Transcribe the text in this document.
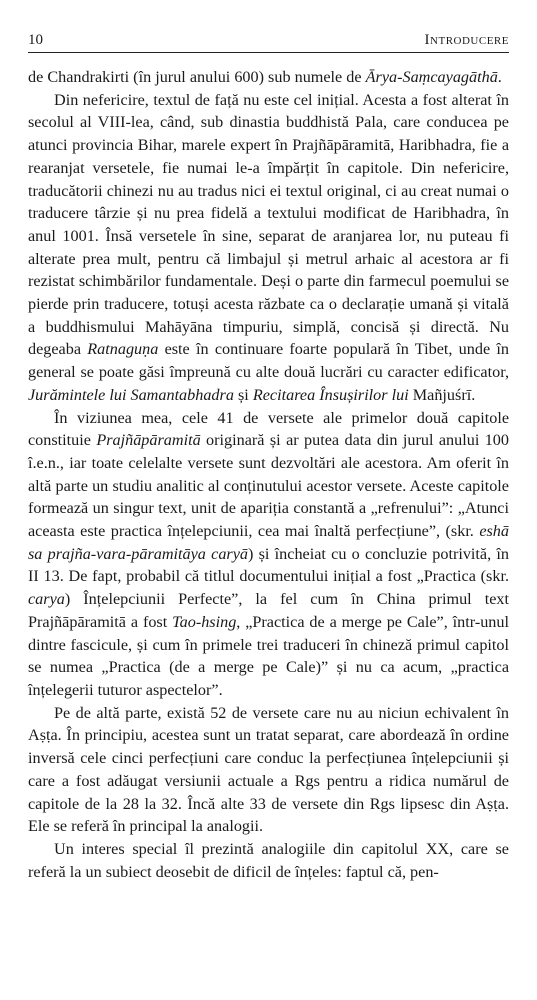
10	Introducere

de Chandrakirti (în jurul anului 600) sub numele de Ārya-Saṃcayagāthā.

Din nefericire, textul de față nu este cel inițial. Acesta a fost alterat în secolul al VIII-lea, când, sub dinastia buddhistă Pala, care conducea pe atunci provincia Bihar, marele expert în Prajñāpāramitā, Haribhadra, fie a rearanjat versetele, fie numai le-a împărțit în capitole. Din nefericire, traducătorii chinezi nu au tradus nici ei textul original, ci au creat numai o traducere târzie și nu prea fidelă a textului modificat de Haribhadra, în anul 1001. Însă versetele în sine, separat de aranjarea lor, nu puteau fi alterate prea mult, pentru că limbajul și metrul arhaic al acestora ar fi rezistat schimbărilor fundamentale. Deși o parte din farmecul poemului se pierde prin traducere, totuși acesta răzbate ca o declarație umană și vitală a buddhismului Mahāyāna timpuriu, simplă, concisă și directă. Nu degeaba Ratnaguṇa este în continuare foarte populară în Tibet, unde în general se poate găsi împreună cu alte două lucrări cu caracter edificator, Jurămintele lui Samantabhadra și Recitarea Însușirilor lui Mañjuśrī.

În viziunea mea, cele 41 de versete ale primelor două capitole constituie Prajñāpāramitā originară și ar putea data din jurul anului 100 î.e.n., iar toate celelalte versete sunt dezvoltări ale acestora. Am oferit în altă parte un studiu analitic al conținutului acestor versete. Aceste capitole formează un singur text, unit de apariția constantă a „refrenului”: „Atunci aceasta este practica înțelepciunii, cea mai înaltă perfecțiune”, (skr. eshā sa prajña-vara-pāramitāya caryā) și încheiat cu o concluzie potrivită, în II 13. De fapt, probabil că titlul documentului inițial a fost „Practica (skr. carya) Înțelepciunii Perfecte”, la fel cum în China primul text Prajñāpāramitā a fost Tao-hsing, „Practica de a merge pe Cale”, într-unul dintre fascicule, și cum în primele trei traduceri în chineză primul capitol se numea „Practica (de a merge pe Cale)” și nu ca acum, „practica înțelegerii tuturor aspectelor”.

Pe de altă parte, există 52 de versete care nu au niciun echivalent în Aṣṭa. În principiu, acestea sunt un tratat separat, care abordează în ordine inversă cele cinci perfecțiuni care conduc la perfecțiunea înțelepciunii și care a fost adăugat versiunii actuale a Rgs pentru a ridica numărul de capitole de la 28 la 32. Încă alte 33 de versete din Rgs lipsesc din Aṣṭa. Ele se referă în principal la analogii.

Un interes special îl prezintă analogiile din capitolul XX, care se referă la un subiect deosebit de dificil de înțeles: faptul că, pen-
